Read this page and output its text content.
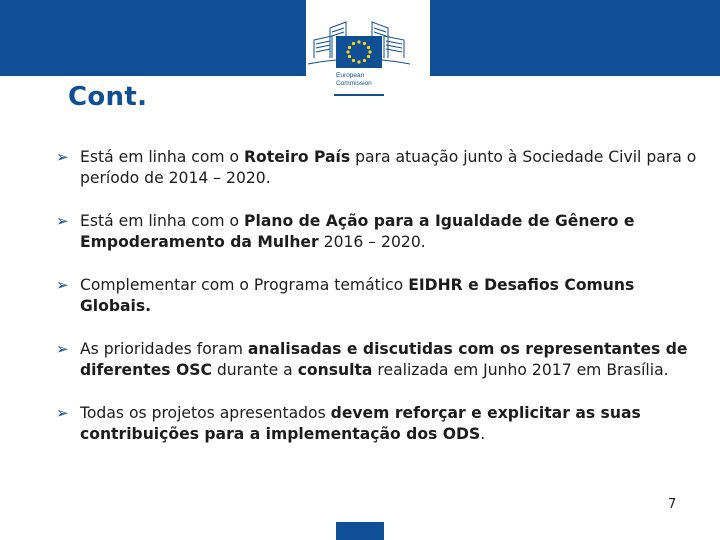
European
Commission
Cont.
➢ Está em linha com o Roteiro País para atuação junto à Sociedade Civil para o período de 2014 – 2020.
➢ Está em linha com o Plano de Ação para a Igualdade de Gênero e Empoderamento da Mulher 2016 – 2020.
➢ Complementar com o Programa temático EIDHR e Desafios Comuns Globais.
➢ As prioridades foram analisadas e discutidas com os representantes de diferentes OSC durante a consulta realizada em Junho 2017 em Brasília.
➢ Todas os projetos apresentados devem reforçar e explicitar as suas contribuições para a implementação dos ODS.
7
